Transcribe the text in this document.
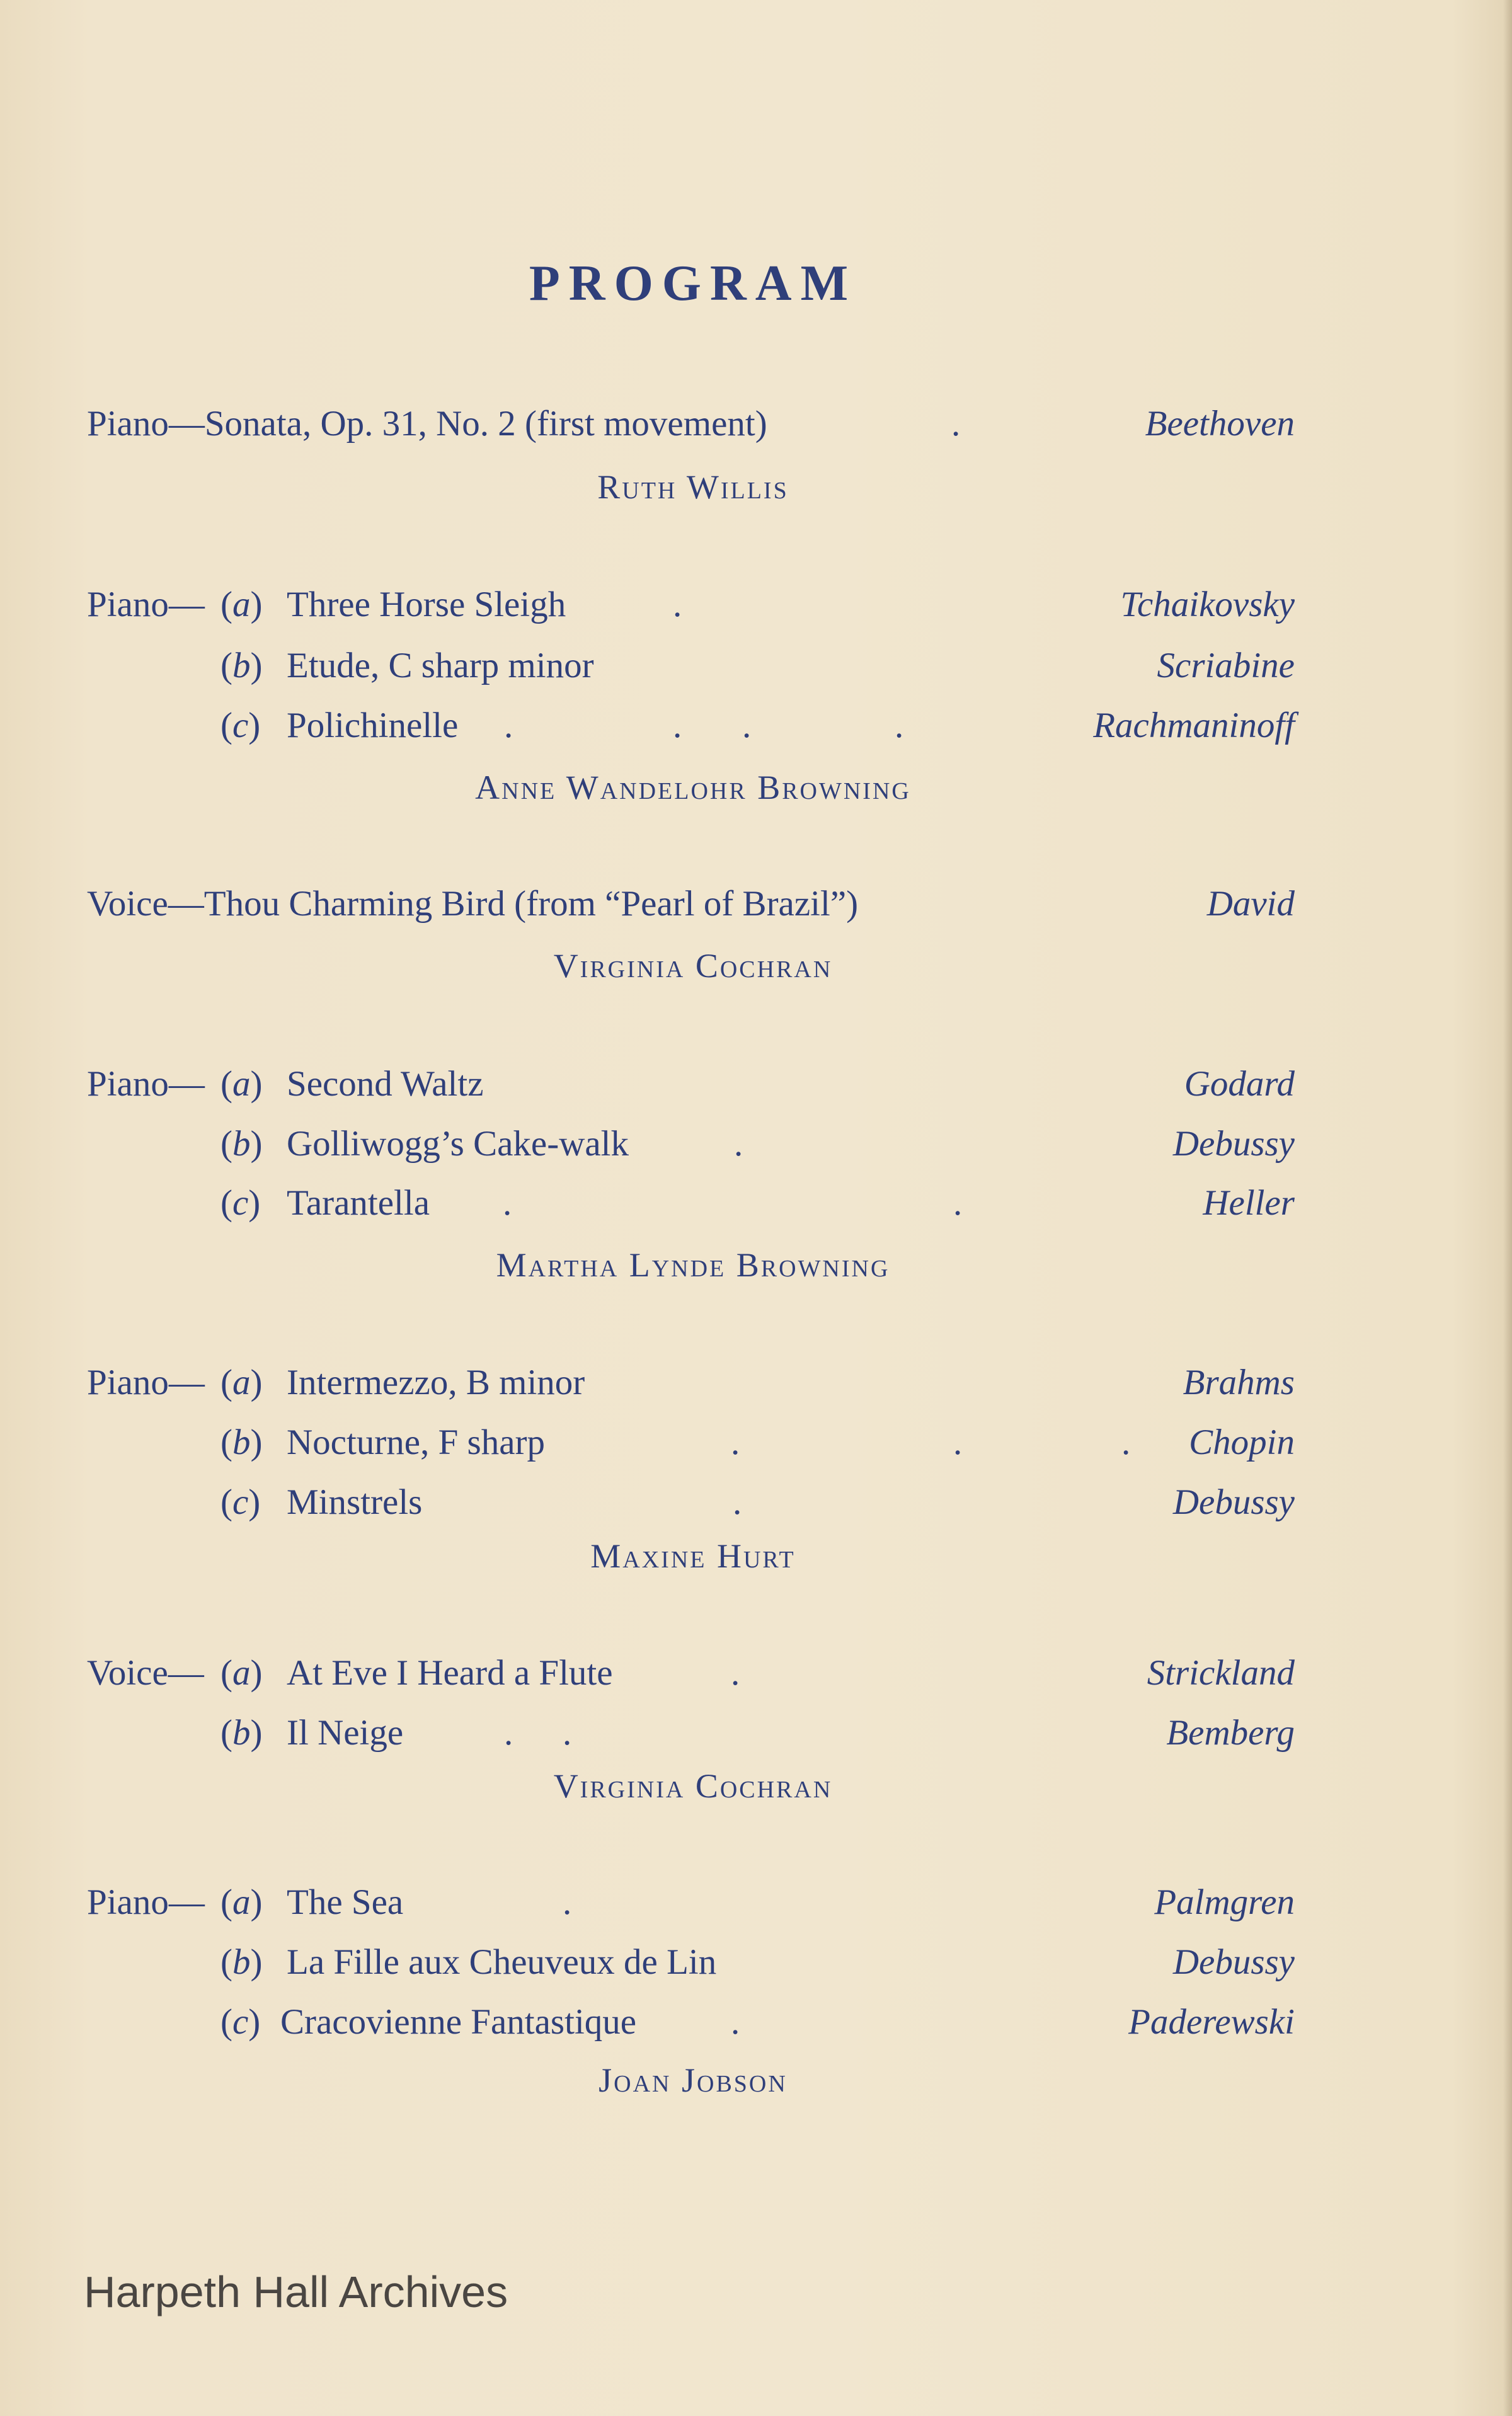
PROGRAM
Piano—Sonata, Op. 31, No. 2 (first movement)	.	Beethoven
Ruth Willis
Piano— (a) Three Horse Sleigh	.	Tchaikovsky
(b) Etude, C sharp minor	Scriabine
(c) Polichinelle .	. .	.	Rachmaninoff
Anne Wandelohr Browning
Voice—Thou Charming Bird (from “Pearl of Brazil”)	David
Virginia Cochran
Piano— (a) Second Waltz	Godard
(b) Golliwogg’s Cake-walk	.	Debussy
(c) Tarantella .	.	Heller
Martha Lynde Browning
Piano— (a) Intermezzo, B minor	Brahms
(b) Nocturne, F sharp	.	.	. Chopin
(c) Minstrels	.	Debussy
Maxine Hurt
Voice— (a) At Eve I Heard a Flute	.	Strickland
(b) Il Neige	. .	Bemberg
Virginia Cochran
Piano— (a) The Sea	.	Palmgren
(b) La Fille aux Cheuveux de Lin	Debussy
(c) Cracovienne Fantastique	.	Paderewski
Joan Jobson
Harpeth Hall Archives
